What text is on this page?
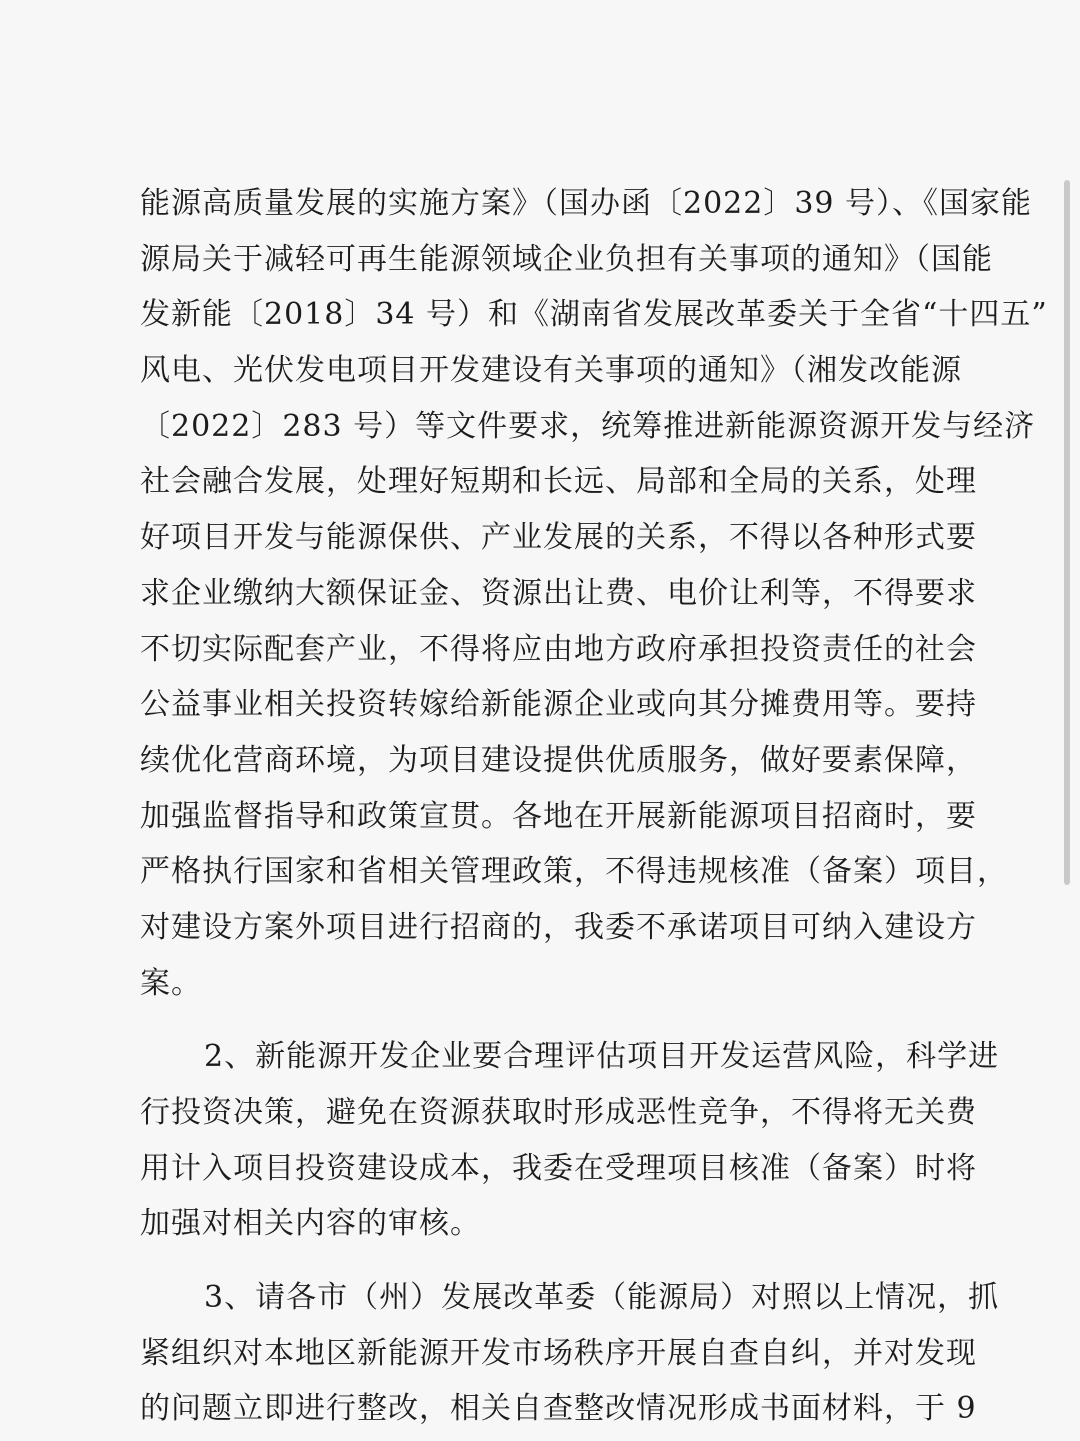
能源高质量发展的实施方案》（国办函〔2022〕39 号）、《国家能
源局关于减轻可再生能源领域企业负担有关事项的通知》（国能
发新能〔2018〕34 号）和《湖南省发展改革委关于全省“十四五”
风电、光伏发电项目开发建设有关事项的通知》（湘发改能源
〔2022〕283 号）等文件要求，统筹推进新能源资源开发与经济
社会融合发展，处理好短期和长远、局部和全局的关系，处理
好项目开发与能源保供、产业发展的关系，不得以各种形式要
求企业缴纳大额保证金、资源出让费、电价让利等，不得要求
不切实际配套产业，不得将应由地方政府承担投资责任的社会
公益事业相关投资转嫁给新能源企业或向其分摊费用等。要持
续优化营商环境，为项目建设提供优质服务，做好要素保障，
加强监督指导和政策宣贯。各地在开展新能源项目招商时，要
严格执行国家和省相关管理政策，不得违规核准（备案）项目，
对建设方案外项目进行招商的，我委不承诺项目可纳入建设方
案。
2、新能源开发企业要合理评估项目开发运营风险，科学进
行投资决策，避免在资源获取时形成恶性竞争，不得将无关费
用计入项目投资建设成本，我委在受理项目核准（备案）时将
加强对相关内容的审核。
3、请各市（州）发展改革委（能源局）对照以上情况，抓
紧组织对本地区新能源开发市场秩序开展自查自纠，并对发现
的问题立即进行整改，相关自查整改情况形成书面材料，于 9
